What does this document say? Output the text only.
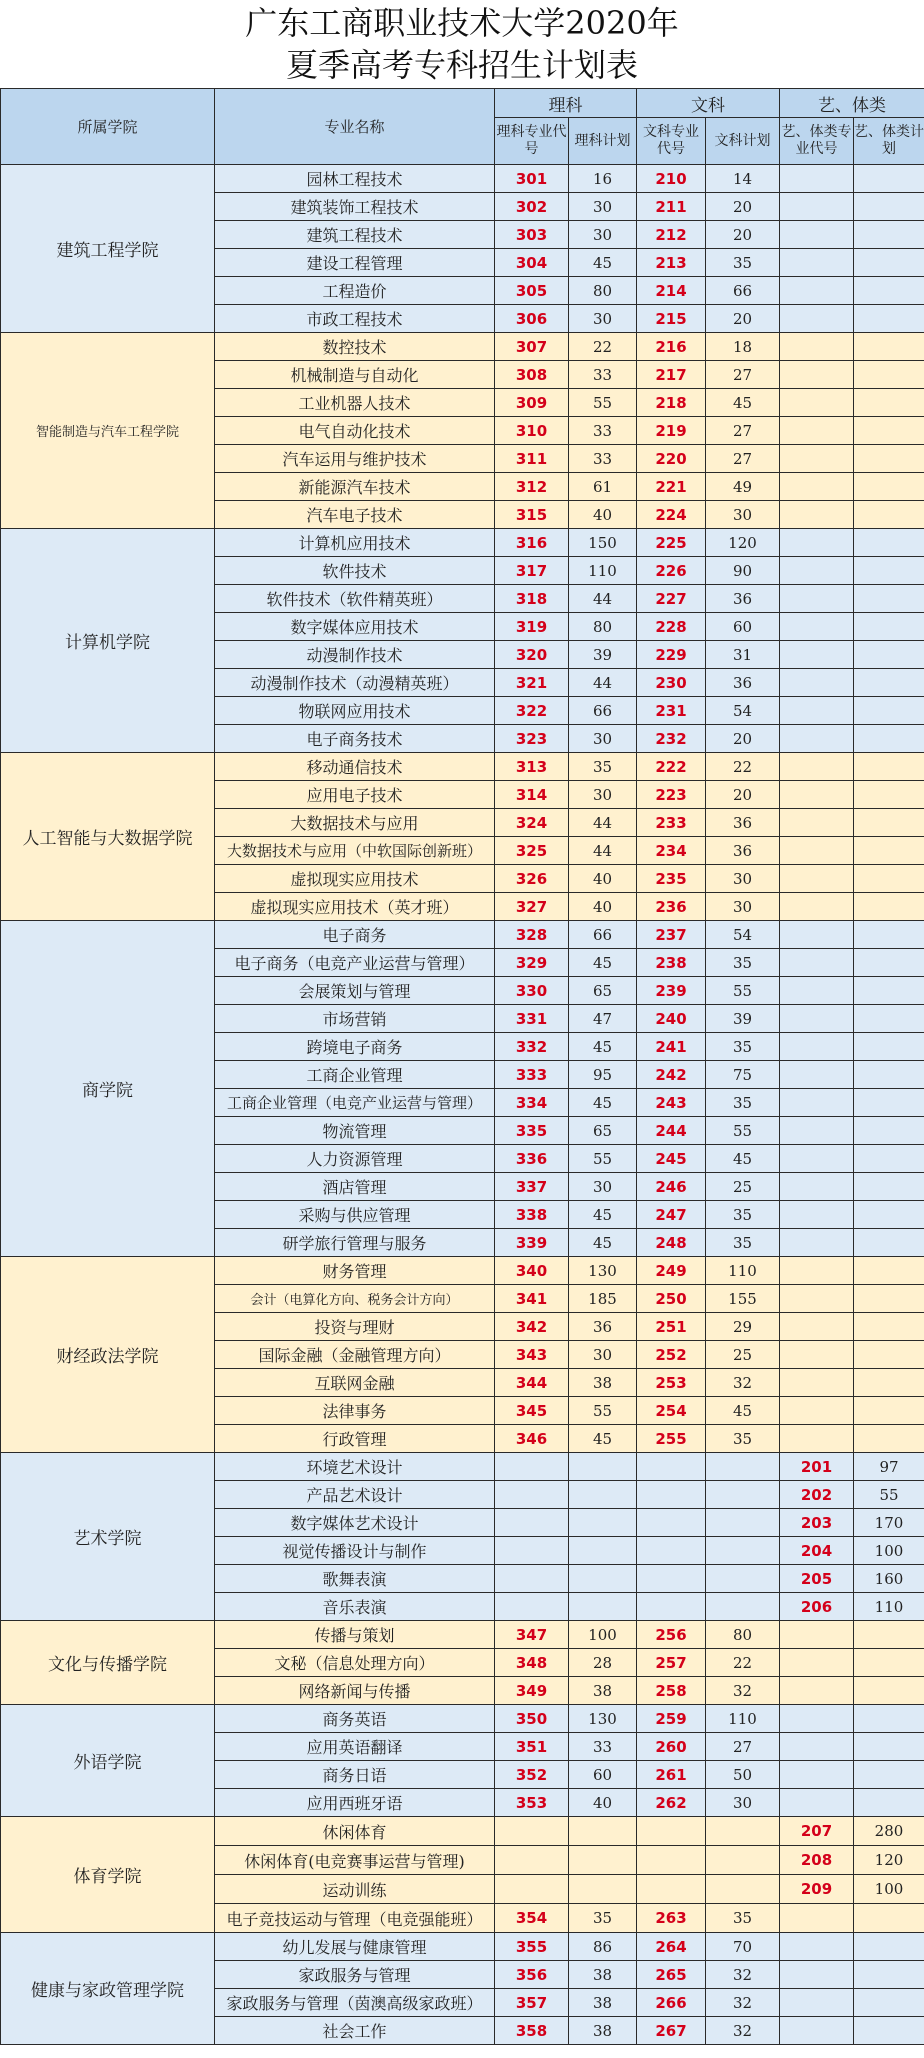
广东工商职业技术大学2020年
夏季高考专科招生计划表
所属学院	专业名称	理科		文科		艺、体类	
		理科专业代号	理科计划	文科专业代号	文科计划	艺、体类专业代号	艺、体类计划
建筑工程学院	园林工程技术	301	16	210	14		
	建筑装饰工程技术	302	30	211	20		
	建筑工程技术	303	30	212	20		
	建设工程管理	304	45	213	35		
	工程造价	305	80	214	66		
	市政工程技术	306	30	215	20		
智能制造与汽车工程学院	数控技术	307	22	216	18		
	机械制造与自动化	308	33	217	27		
	工业机器人技术	309	55	218	45		
	电气自动化技术	310	33	219	27		
	汽车运用与维护技术	311	33	220	27		
	新能源汽车技术	312	61	221	49		
	汽车电子技术	315	40	224	30		
计算机学院	计算机应用技术	316	150	225	120		
	软件技术	317	110	226	90		
	软件技术（软件精英班）	318	44	227	36		
	数字媒体应用技术	319	80	228	60		
	动漫制作技术	320	39	229	31		
	动漫制作技术（动漫精英班）	321	44	230	36		
	物联网应用技术	322	66	231	54		
	电子商务技术	323	30	232	20		
人工智能与大数据学院	移动通信技术	313	35	222	22		
	应用电子技术	314	30	223	20		
	大数据技术与应用	324	44	233	36		
	大数据技术与应用（中软国际创新班）	325	44	234	36		
	虚拟现实应用技术	326	40	235	30		
	虚拟现实应用技术（英才班）	327	40	236	30		
商学院	电子商务	328	66	237	54		
	电子商务（电竞产业运营与管理）	329	45	238	35		
	会展策划与管理	330	65	239	55		
	市场营销	331	47	240	39		
	跨境电子商务	332	45	241	35		
	工商企业管理	333	95	242	75		
	工商企业管理（电竞产业运营与管理）	334	45	243	35		
	物流管理	335	65	244	55		
	人力资源管理	336	55	245	45		
	酒店管理	337	30	246	25		
	采购与供应管理	338	45	247	35		
	研学旅行管理与服务	339	45	248	35		
财经政法学院	财务管理	340	130	249	110		
	会计（电算化方向、税务会计方向）	341	185	250	155		
	投资与理财	342	36	251	29		
	国际金融（金融管理方向）	343	30	252	25		
	互联网金融	344	38	253	32		
	法律事务	345	55	254	45		
	行政管理	346	45	255	35		
艺术学院	环境艺术设计					201	97
	产品艺术设计					202	55
	数字媒体艺术设计					203	170
	视觉传播设计与制作					204	100
	歌舞表演					205	160
	音乐表演					206	110
文化与传播学院	传播与策划	347	100	256	80		
	文秘（信息处理方向）	348	28	257	22		
	网络新闻与传播	349	38	258	32		
外语学院	商务英语	350	130	259	110		
	应用英语翻译	351	33	260	27		
	商务日语	352	60	261	50		
	应用西班牙语	353	40	262	30		
体育学院	休闲体育					207	280
	休闲体育(电竞赛事运营与管理)					208	120
	运动训练					209	100
	电子竞技运动与管理（电竞强能班）	354	35	263	35		
健康与家政管理学院	幼儿发展与健康管理	355	86	264	70		
	家政服务与管理	356	38	265	32		
	家政服务与管理（茵澳高级家政班）	357	38	266	32		
	社会工作	358	38	267	32		
